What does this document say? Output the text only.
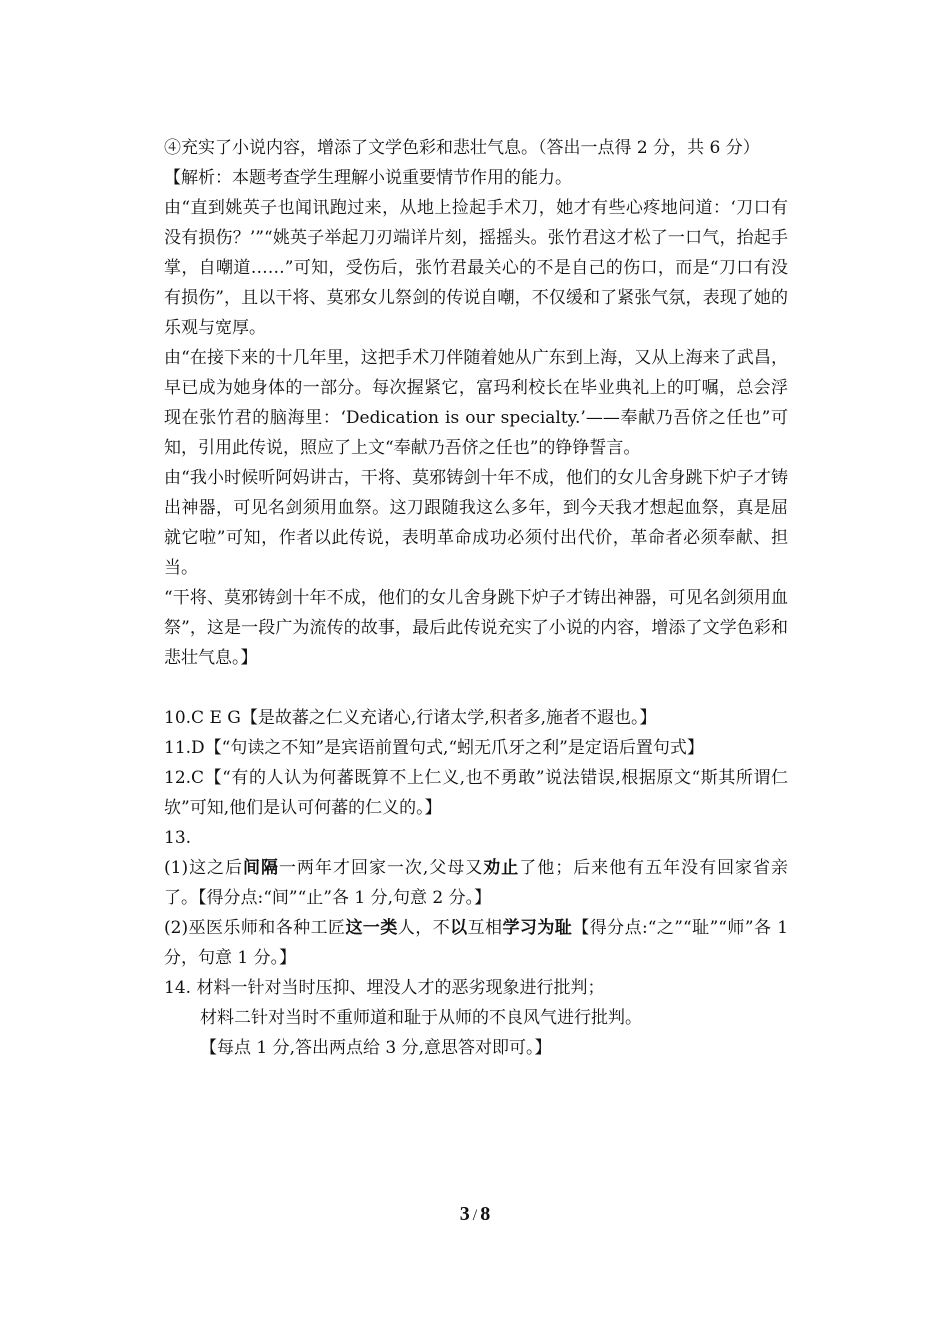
④充实了小说内容，增添了文学色彩和悲壮气息。（答出一点得 2 分，共 6 分）

【解析：本题考查学生理解小说重要情节作用的能力。

由“直到姚英子也闻讯跑过来，从地上捡起手术刀，她才有些心疼地问道：‘刀口有没有损伤？’”“姚英子举起刀刃端详片刻，摇摇头。张竹君这才松了一口气，抬起手掌，自嘲道……”可知，受伤后，张竹君最关心的不是自己的伤口，而是“刀口有没有损伤”，且以干将、莫邪女儿祭剑的传说自嘲，不仅缓和了紧张气氛，表现了她的乐观与宽厚。

由“在接下来的十几年里，这把手术刀伴随着她从广东到上海，又从上海来了武昌，早已成为她身体的一部分。每次握紧它，富玛利校长在毕业典礼上的叮嘱，总会浮现在张竹君的脑海里：‘Dedication is our specialty.’——奉献乃吾侪之任也”可知，引用此传说，照应了上文“奉献乃吾侪之任也”的铮铮誓言。

由“我小时候听阿妈讲古，干将、莫邪铸剑十年不成，他们的女儿舍身跳下炉子才铸出神器，可见名剑须用血祭。这刀跟随我这么多年，到今天我才想起血祭，真是屈就它啦”可知，作者以此传说，表明革命成功必须付出代价，革命者必须奉献、担当。

“干将、莫邪铸剑十年不成，他们的女儿舍身跳下炉子才铸出神器，可见名剑须用血祭”，这是一段广为流传的故事，最后此传说充实了小说的内容，增添了文学色彩和悲壮气息。】

10.C E G【是故蕃之仁义充诸心,行诸太学,积者多,施者不遐也。】

11.D【“句读之不知”是宾语前置句式,“蚓无爪牙之利”是定语后置句式】

12.C【“有的人认为何蕃既算不上仁义,也不勇敢”说法错误,根据原文“斯其所谓仁欤”可知,他们是认可何蕃的仁义的。】

13.

(1)这之后间隔一两年才回家一次,父母又劝止了他；后来他有五年没有回家省亲了。【得分点:“间”“止”各 1 分,句意 2 分。】

(2)巫医乐师和各种工匠这一类人，不以互相学习为耻【得分点:“之”“耻”“师”各 1 分，句意 1 分。】

14. 材料一针对当时压抑、埋没人才的恶劣现象进行批判；

材料二针对当时不重师道和耻于从师的不良风气进行批判。

【每点 1 分,答出两点给 3 分,意思答对即可。】

3 / 8
